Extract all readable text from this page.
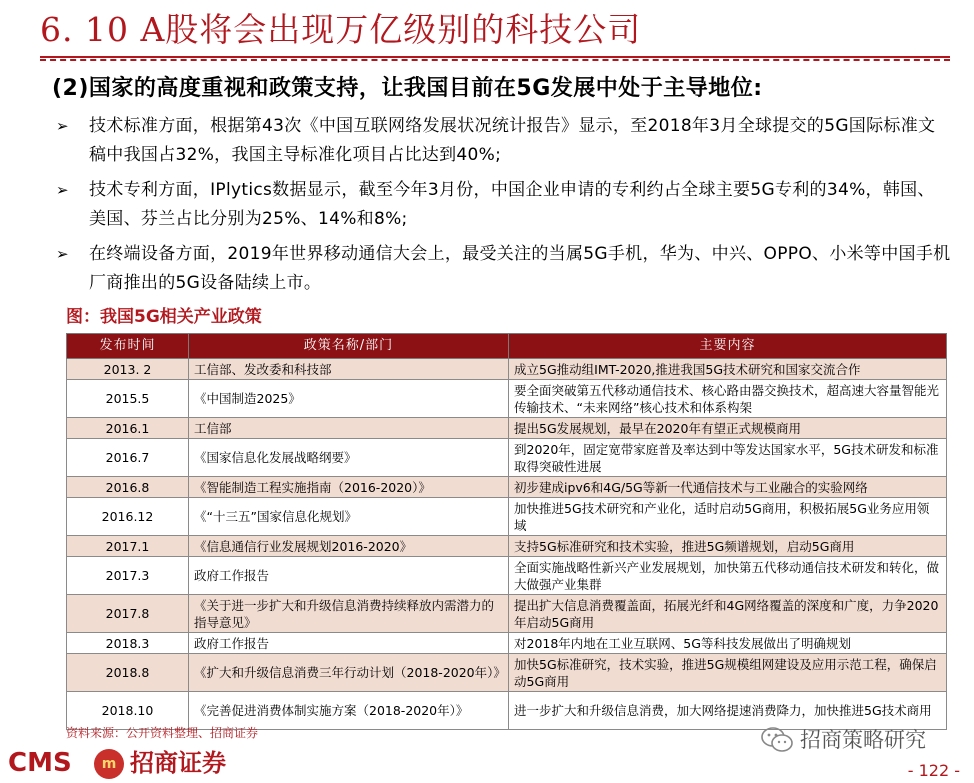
6. 10 A股将会出现万亿级别的科技公司
(2)国家的高度重视和政策支持，让我国目前在5G发展中处于主导地位:
➢ 技术标准方面，根据第43次《中国互联网络发展状况统计报告》显示，至2018年3月全球提交的5G国际标准文稿中我国占32%，我国主导标准化项目占比达到40%;
➢ 技术专利方面，IPlytics数据显示，截至今年3月份，中国企业申请的专利约占全球主要5G专利的34%，韩国、美国、芬兰占比分别为25%、14%和8%;
➢ 在终端设备方面，2019年世界移动通信大会上，最受关注的当属5G手机，华为、中兴、OPPO、小米等中国手机厂商推出的5G设备陆续上市。
图：我国5G相关产业政策
发布时间	政策名称/部门	主要内容
2013. 2	工信部、发改委和科技部	成立5G推动组IMT-2020,推进我国5G技术研究和国家交流合作
2015.5	《中国制造2025》	要全面突破第五代移动通信技术、核心路由器交换技术，超高速大容量智能光传输技术、“未来网络”核心技术和体系构架
2016.1	工信部	提出5G发展规划，最早在2020年有望正式规模商用
2016.7	《国家信息化发展战略纲要》	到2020年，固定宽带家庭普及率达到中等发达国家水平，5G技术研发和标准取得突破性进展
2016.8	《智能制造工程实施指南（2016-2020）》	初步建成ipv6和4G/5G等新一代通信技术与工业融合的实验网络
2016.12	《“十三五”国家信息化规划》	加快推进5G技术研究和产业化，适时启动5G商用，积极拓展5G业务应用领域
2017.1	《信息通信行业发展规划2016-2020》	支持5G标准研究和技术实验，推进5G频谱规划，启动5G商用
2017.3	政府工作报告	全面实施战略性新兴产业发展规划，加快第五代移动通信技术研发和转化，做大做强产业集群
2017.8	《关于进一步扩大和升级信息消费持续释放内需潜力的指导意见》	提出扩大信息消费覆盖面，拓展光纤和4G网络覆盖的深度和广度，力争2020年启动5G商用
2018.3	政府工作报告	对2018年内地在工业互联网、5G等科技发展做出了明确规划
2018.8	《扩大和升级信息消费三年行动计划（2018-2020年）》	加快5G标准研究，技术实验，推进5G规模组网建设及应用示范工程，确保启动5G商用
2018.10	《完善促进消费体制实施方案（2018-2020年）》	进一步扩大和升级信息消费，加大网络提速消费降力，加快推进5G技术商用
资料来源：公开资料整理、招商证券
CMS	m 招商证券
招商策略研究
- 122 -
